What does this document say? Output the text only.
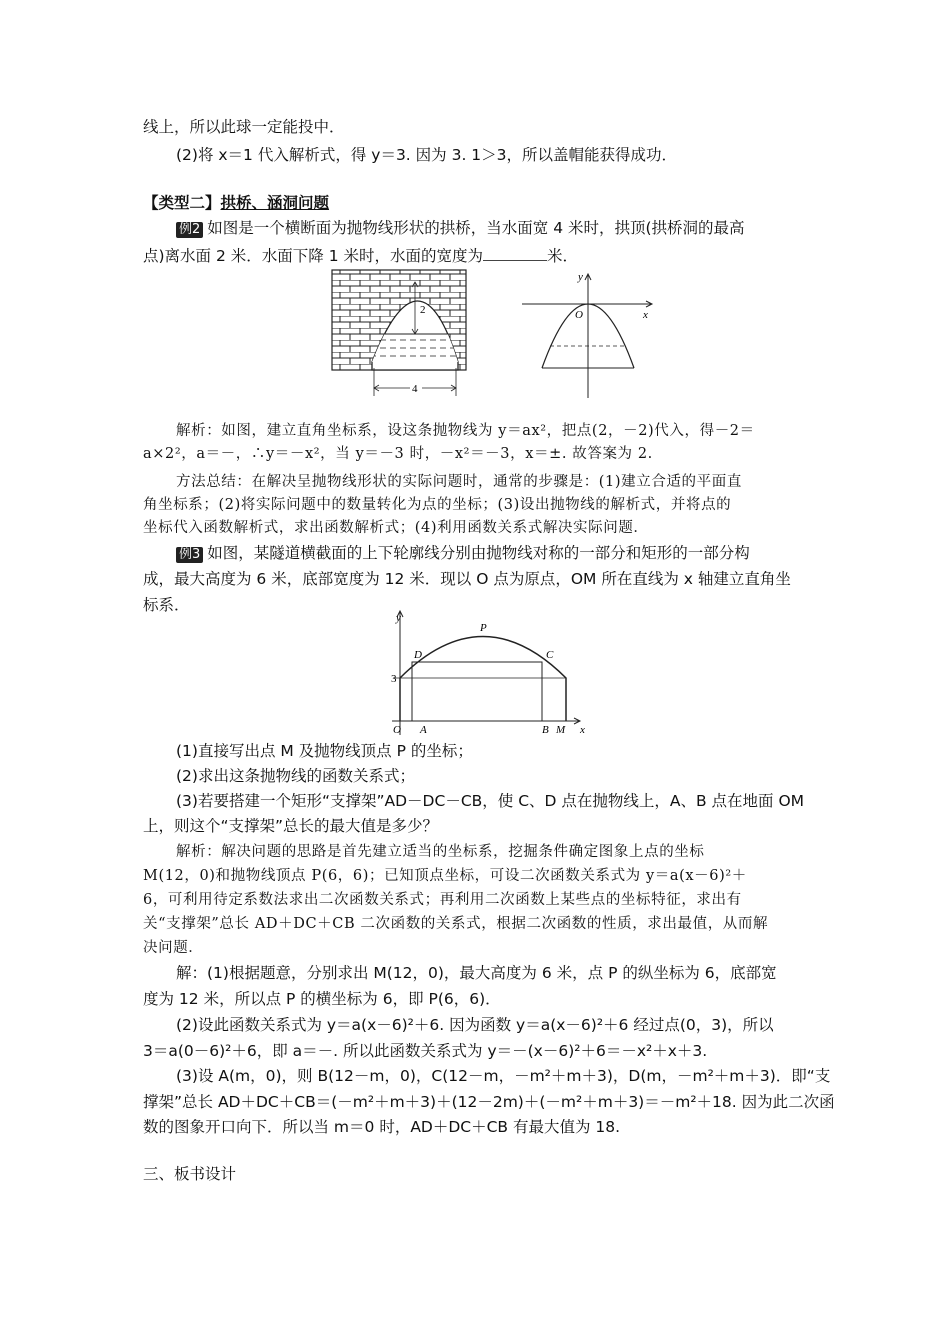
线上，所以此球一定能投中．
(2)将 x＝1 代入解析式，得 y＝3. 因为 3. 1＞3，所以盖帽能获得成功．
【类型二】拱桥、涵洞问题
例2 如图是一个横断面为抛物线形状的拱桥，当水面宽 4 米时，拱顶(拱桥洞的最高
点)离水面 2 米．水面下降 1 米时，水面的宽度为	米．
2
4
y
x
O
解析：如图，建立直角坐标系，设这条抛物线为 y＝ax²，把点(2，－2)代入，得－2＝
a×2²，a＝－，∴y＝－x²，当 y＝－3 时，－x²＝－3，x＝±. 故答案为 2.
方法总结：在解决呈抛物线形状的实际问题时，通常的步骤是：(1)建立合适的平面直
角坐标系；(2)将实际问题中的数量转化为点的坐标；(3)设出抛物线的解析式，并将点的
坐标代入函数解析式，求出函数解析式；(4)利用函数关系式解决实际问题．
例3 如图，某隧道横截面的上下轮廓线分别由抛物线对称的一部分和矩形的一部分构
成，最大高度为 6 米，底部宽度为 12 米．现以 O 点为原点，OM 所在直线为 x 轴建立直角坐
标系．
y
x
O
3
P
D	C
A	B M
(1)直接写出点 M 及抛物线顶点 P 的坐标；
(2)求出这条抛物线的函数关系式；
(3)若要搭建一个矩形“支撑架”AD－DC－CB，使 C、D 点在抛物线上，A、B 点在地面 OM
上，则这个“支撑架”总长的最大值是多少？
解析：解决问题的思路是首先建立适当的坐标系，挖掘条件确定图象上点的坐标
M(12，0)和抛物线顶点 P(6，6)；已知顶点坐标，可设二次函数关系式为 y＝a(x－6)²＋
6，可利用待定系数法求出二次函数关系式；再利用二次函数上某些点的坐标特征，求出有
关“支撑架”总长 AD＋DC＋CB 二次函数的关系式，根据二次函数的性质，求出最值，从而解
决问题．
解：(1)根据题意，分别求出 M(12，0)，最大高度为 6 米，点 P 的纵坐标为 6，底部宽
度为 12 米，所以点 P 的横坐标为 6，即 P(6，6)．
(2)设此函数关系式为 y＝a(x－6)²＋6. 因为函数 y＝a(x－6)²＋6 经过点(0，3)，所以
3＝a(0－6)²＋6，即 a＝－. 所以此函数关系式为 y＝－(x－6)²＋6＝－x²＋x＋3.
(3)设 A(m，0)，则 B(12－m，0)，C(12－m，－m²＋m＋3)，D(m，－m²＋m＋3)．即“支
撑架”总长 AD＋DC＋CB＝(－m²＋m＋3)＋(12－2m)＋(－m²＋m＋3)＝－m²＋18. 因为此二次函
数的图象开口向下．所以当 m＝0 时，AD＋DC＋CB 有最大值为 18.
三、板书设计
